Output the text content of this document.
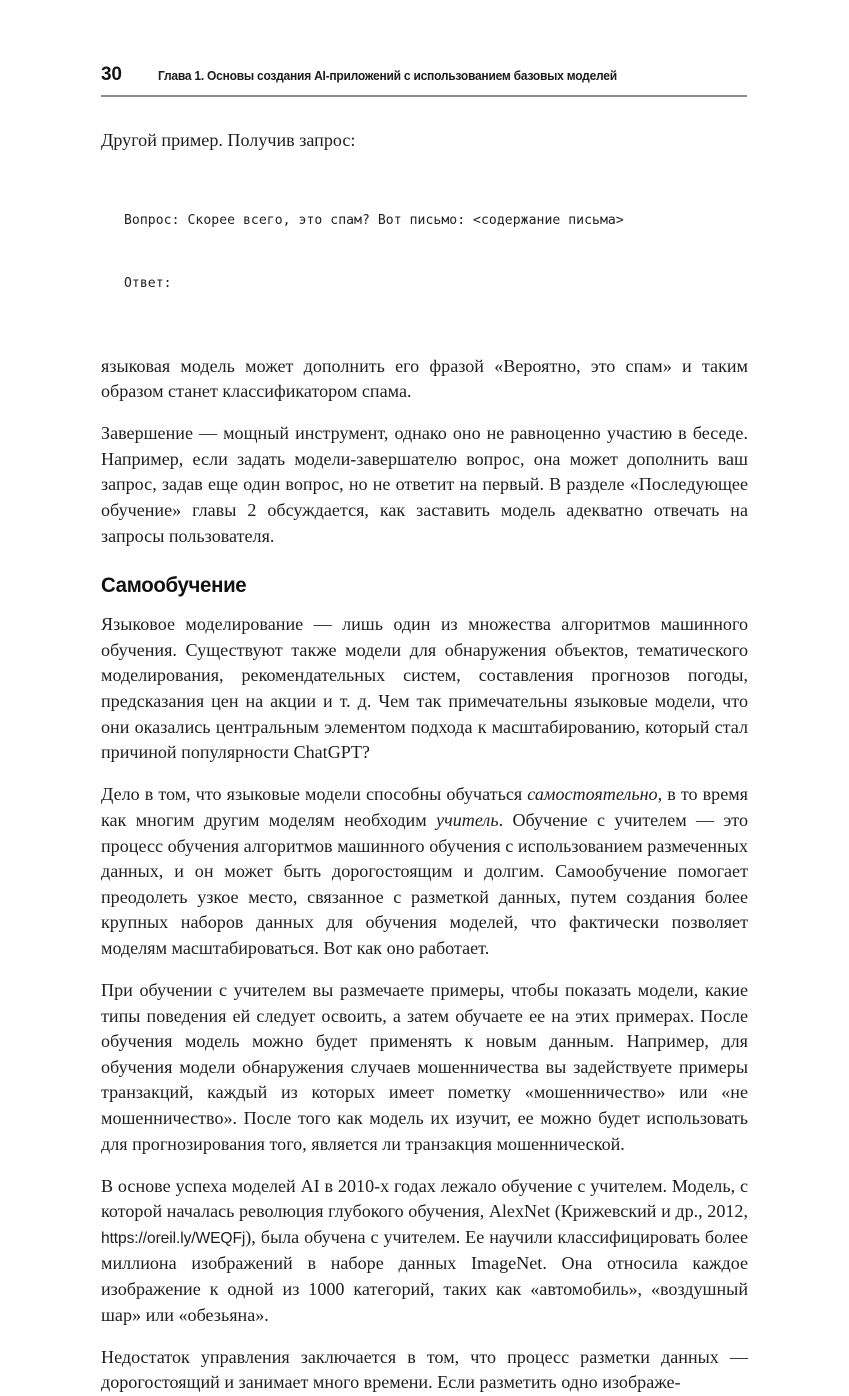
30	Глава 1. Основы создания AI-приложений с использованием базовых моделей

Другой пример. Получив запрос:

Вопрос: Скорее всего, это спам? Вот письмо: <содержание письма>

Ответ:

языковая модель может дополнить его фразой «Вероятно, это спам» и таким образом станет классификатором спама.

Завершение — мощный инструмент, однако оно не равноценно участию в беседе. Например, если задать модели-завершателю вопрос, она может дополнить ваш запрос, задав еще один вопрос, но не ответит на первый. В разделе «Последующее обучение» главы 2 обсуждается, как заставить модель адекватно отвечать на запросы пользователя.

Самообучение

Языковое моделирование — лишь один из множества алгоритмов машинного обучения. Существуют также модели для обнаружения объектов, тематического моделирования, рекомендательных систем, составления прогнозов погоды, предсказания цен на акции и т. д. Чем так примечательны языковые модели, что они оказались центральным элементом подхода к масштабированию, который стал причиной популярности ChatGPT?

Дело в том, что языковые модели способны обучаться самостоятельно, в то время как многим другим моделям необходим учитель. Обучение с учителем — это процесс обучения алгоритмов машинного обучения с использованием размеченных данных, и он может быть дорогостоящим и долгим. Самообучение помогает преодолеть узкое место, связанное с разметкой данных, путем создания более крупных наборов данных для обучения моделей, что фактически позволяет моделям масштабироваться. Вот как оно работает.

При обучении с учителем вы размечаете примеры, чтобы показать модели, какие типы поведения ей следует освоить, а затем обучаете ее на этих примерах. После обучения модель можно будет применять к новым данным. Например, для обучения модели обнаружения случаев мошенничества вы задействуете примеры транзакций, каждый из которых имеет пометку «мошенничество» или «не мошенничество». После того как модель их изучит, ее можно будет использовать для прогнозирования того, является ли транзакция мошеннической.

В основе успеха моделей AI в 2010-х годах лежало обучение с учителем. Модель, с которой началась революция глубокого обучения, AlexNet (Крижевский и др., 2012, https://oreil.ly/WEQFj), была обучена с учителем. Ее научили классифицировать более миллиона изображений в наборе данных ImageNet. Она относила каждое изображение к одной из 1000 категорий, таких как «автомобиль», «воздушный шар» или «обезьяна».

Недостаток управления заключается в том, что процесс разметки данных — дорогостоящий и занимает много времени. Если разметить одно изображе-
